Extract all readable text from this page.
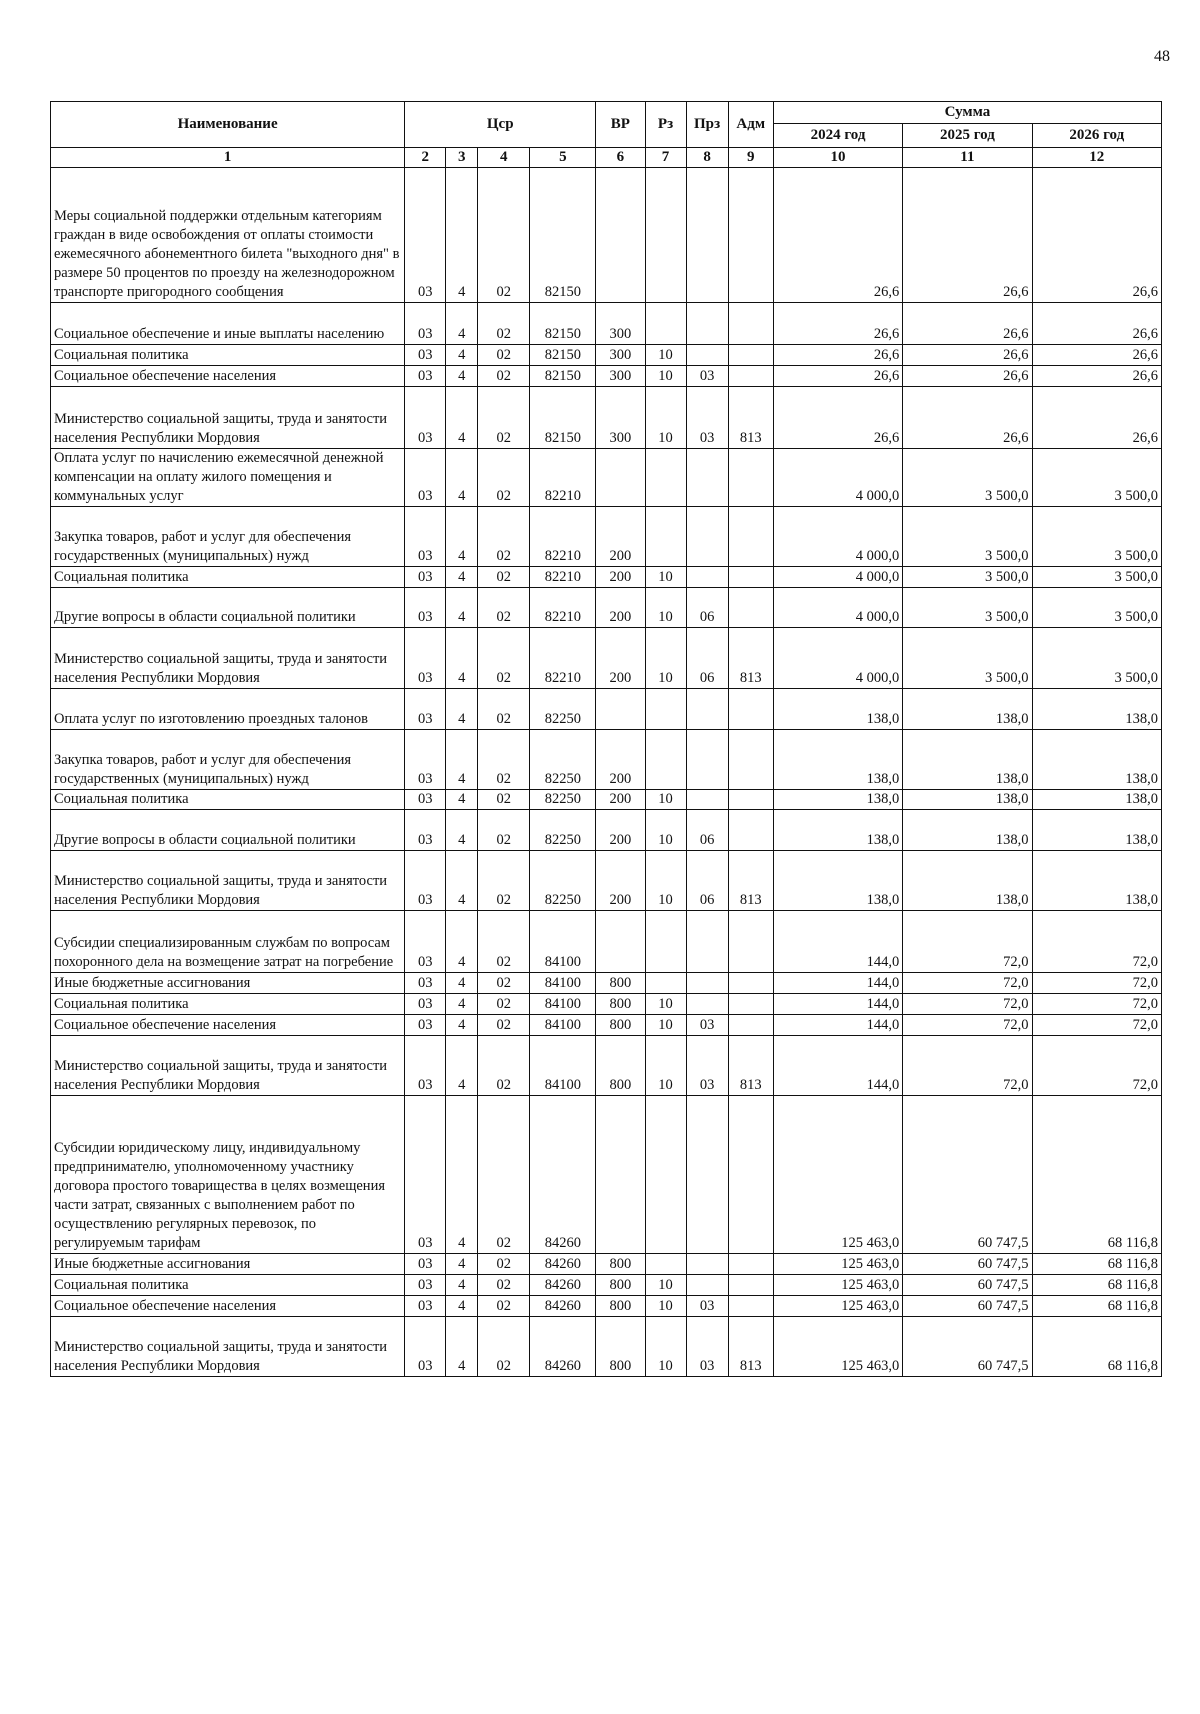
48
Наименование	Цср				ВР	Рз	Прз	Адм	Сумма		
									2024 год	2025 год	2026 год
1	2	3	4	5	6	7	8	9	10	11	12
Меры социальной поддержки отдельным категориям граждан в виде освобождения от оплаты стоимости ежемесячного абонементного билета "выходного дня" в размере 50 процентов по проезду на железнодорожном транспорте пригородного сообщения	03	4	02	82150					26,6	26,6	26,6
Социальное обеспечение и иные выплаты населению	03	4	02	82150	300				26,6	26,6	26,6
Социальная политика	03	4	02	82150	300	10			26,6	26,6	26,6
Социальное обеспечение населения	03	4	02	82150	300	10	03		26,6	26,6	26,6
Министерство социальной защиты, труда и занятости населения Республики Мордовия	03	4	02	82150	300	10	03	813	26,6	26,6	26,6
Оплата услуг по начислению ежемесячной денежной компенсации на оплату жилого помещения и коммунальных услуг	03	4	02	82210					4 000,0	3 500,0	3 500,0
Закупка товаров, работ и услуг для обеспечения государственных (муниципальных) нужд	03	4	02	82210	200				4 000,0	3 500,0	3 500,0
Социальная политика	03	4	02	82210	200	10			4 000,0	3 500,0	3 500,0
Другие вопросы в области социальной политики	03	4	02	82210	200	10	06		4 000,0	3 500,0	3 500,0
Министерство социальной защиты, труда и занятости населения Республики Мордовия	03	4	02	82210	200	10	06	813	4 000,0	3 500,0	3 500,0
Оплата услуг по изготовлению проездных талонов	03	4	02	82250					138,0	138,0	138,0
Закупка товаров, работ и услуг для обеспечения государственных (муниципальных) нужд	03	4	02	82250	200				138,0	138,0	138,0
Социальная политика	03	4	02	82250	200	10			138,0	138,0	138,0
Другие вопросы в области социальной политики	03	4	02	82250	200	10	06		138,0	138,0	138,0
Министерство социальной защиты, труда и занятости населения Республики Мордовия	03	4	02	82250	200	10	06	813	138,0	138,0	138,0
Субсидии специализированным службам по вопросам похоронного дела на возмещение затрат на погребение	03	4	02	84100					144,0	72,0	72,0
Иные бюджетные ассигнования	03	4	02	84100	800				144,0	72,0	72,0
Социальная политика	03	4	02	84100	800	10			144,0	72,0	72,0
Социальное обеспечение населения	03	4	02	84100	800	10	03		144,0	72,0	72,0
Министерство социальной защиты, труда и занятости населения Республики Мордовия	03	4	02	84100	800	10	03	813	144,0	72,0	72,0
Субсидии юридическому лицу, индивидуальному предпринимателю, уполномоченному участнику договора простого товарищества в целях возмещения части затрат, связанных с выполнением работ по осуществлению регулярных перевозок, по регулируемым тарифам	03	4	02	84260					125 463,0	60 747,5	68 116,8
Иные бюджетные ассигнования	03	4	02	84260	800				125 463,0	60 747,5	68 116,8
Социальная политика	03	4	02	84260	800	10			125 463,0	60 747,5	68 116,8
Социальное обеспечение населения	03	4	02	84260	800	10	03		125 463,0	60 747,5	68 116,8
Министерство социальной защиты, труда и занятости населения Республики Мордовия	03	4	02	84260	800	10	03	813	125 463,0	60 747,5	68 116,8
